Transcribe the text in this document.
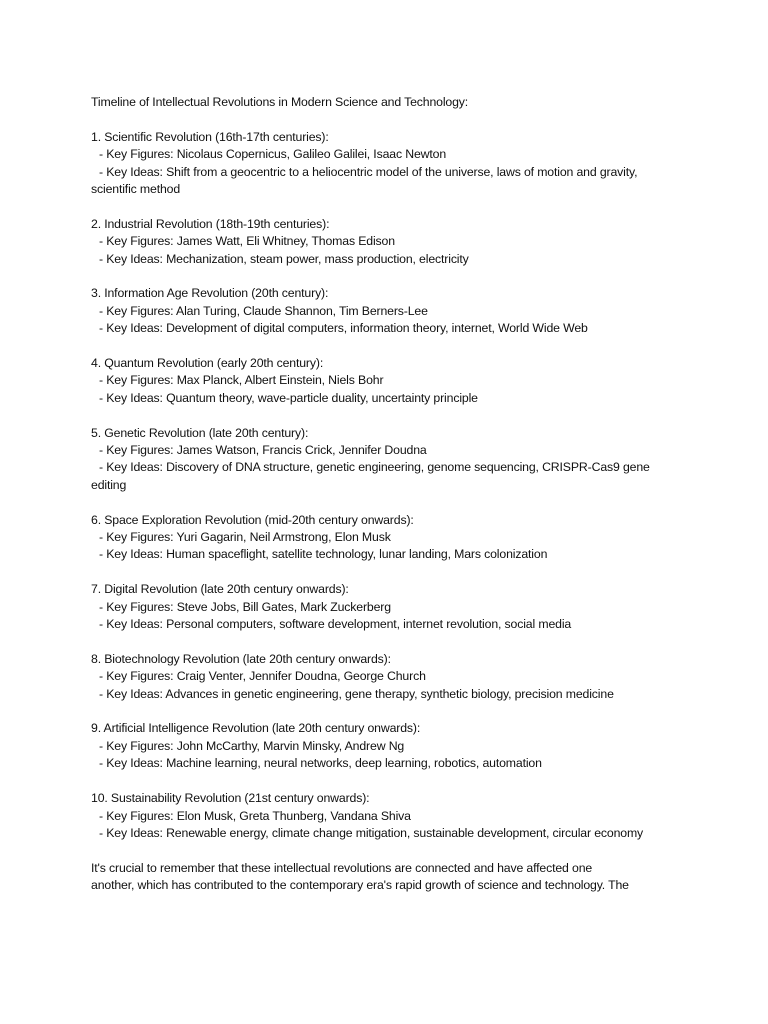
Timeline of Intellectual Revolutions in Modern Science and Technology:
1. Scientific Revolution (16th-17th centuries):
- Key Figures: Nicolaus Copernicus, Galileo Galilei, Isaac Newton
- Key Ideas: Shift from a geocentric to a heliocentric model of the universe, laws of motion and gravity,
scientific method
2. Industrial Revolution (18th-19th centuries):
- Key Figures: James Watt, Eli Whitney, Thomas Edison
- Key Ideas: Mechanization, steam power, mass production, electricity
3. Information Age Revolution (20th century):
- Key Figures: Alan Turing, Claude Shannon, Tim Berners-Lee
- Key Ideas: Development of digital computers, information theory, internet, World Wide Web
4. Quantum Revolution (early 20th century):
- Key Figures: Max Planck, Albert Einstein, Niels Bohr
- Key Ideas: Quantum theory, wave-particle duality, uncertainty principle
5. Genetic Revolution (late 20th century):
- Key Figures: James Watson, Francis Crick, Jennifer Doudna
- Key Ideas: Discovery of DNA structure, genetic engineering, genome sequencing, CRISPR-Cas9 gene
editing
6. Space Exploration Revolution (mid-20th century onwards):
- Key Figures: Yuri Gagarin, Neil Armstrong, Elon Musk
- Key Ideas: Human spaceflight, satellite technology, lunar landing, Mars colonization
7. Digital Revolution (late 20th century onwards):
- Key Figures: Steve Jobs, Bill Gates, Mark Zuckerberg
- Key Ideas: Personal computers, software development, internet revolution, social media
8. Biotechnology Revolution (late 20th century onwards):
- Key Figures: Craig Venter, Jennifer Doudna, George Church
- Key Ideas: Advances in genetic engineering, gene therapy, synthetic biology, precision medicine
9. Artificial Intelligence Revolution (late 20th century onwards):
- Key Figures: John McCarthy, Marvin Minsky, Andrew Ng
- Key Ideas: Machine learning, neural networks, deep learning, robotics, automation
10. Sustainability Revolution (21st century onwards):
- Key Figures: Elon Musk, Greta Thunberg, Vandana Shiva
- Key Ideas: Renewable energy, climate change mitigation, sustainable development, circular economy
It's crucial to remember that these intellectual revolutions are connected and have affected one
another, which has contributed to the contemporary era's rapid growth of science and technology. The
